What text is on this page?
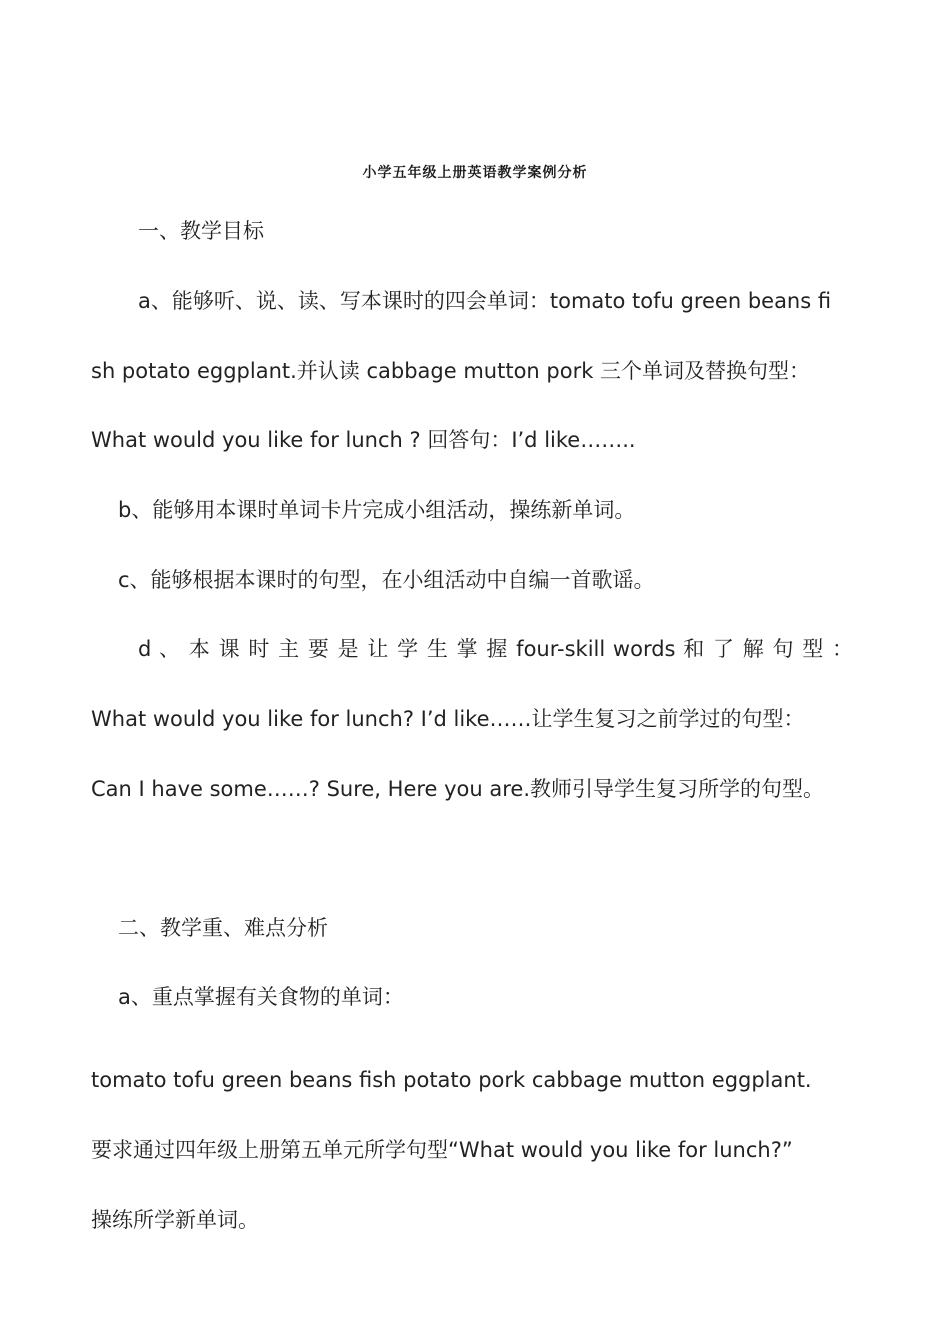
小学五年级上册英语教学案例分析
一、教学目标
a、能够听、说、读、写本课时的四会单词：tomato tofu green beans fi
sh potato eggplant.并认读 cabbage mutton pork 三个单词及替换句型：
What would you like for lunch ? 回答句：I’d like……..
b、能够用本课时单词卡片完成小组活动，操练新单词。
c、能够根据本课时的句型，在小组活动中自编一首歌谣。
d 、 本 课 时 主 要 是 让 学 生 掌 握 four-skill words 和 了 解 句 型 ：
What would you like for lunch? I’d like……让学生复习之前学过的句型：
Can I have some……? Sure, Here you are.教师引导学生复习所学的句型。
二、教学重、难点分析
a、重点掌握有关食物的单词：
tomato tofu green beans fish potato pork cabbage mutton eggplant.
要求通过四年级上册第五单元所学句型“What would you like for lunch?”
操练所学新单词。
